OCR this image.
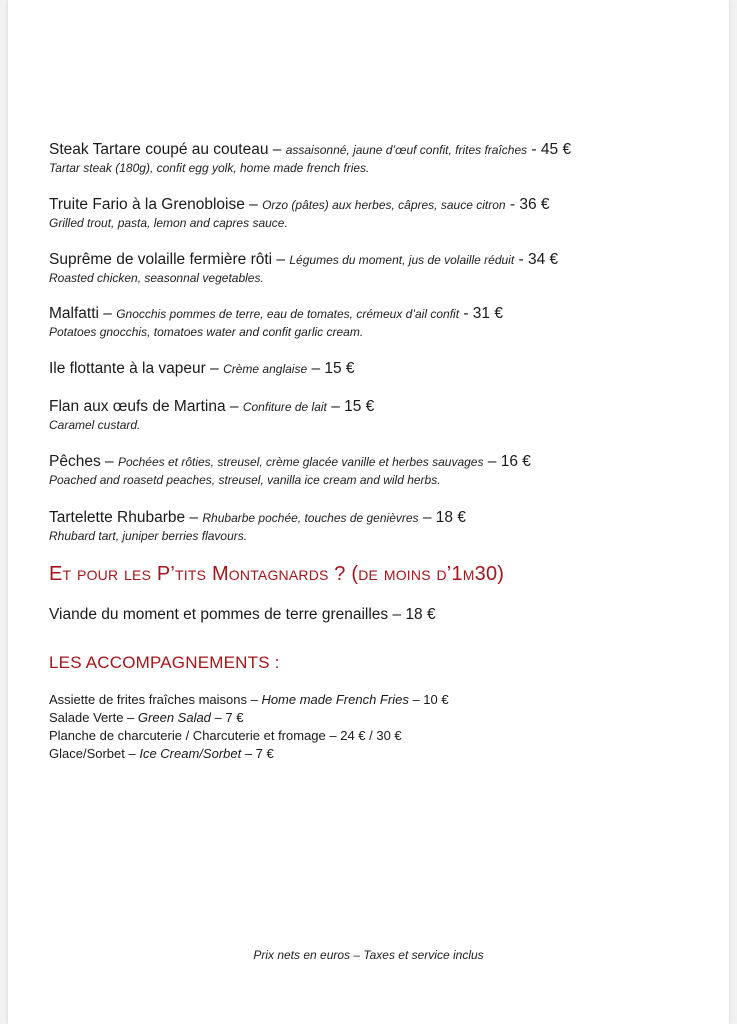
Steak Tartare coupé au couteau – assaisonné, jaune d’œuf confit, frites fraîches - 45 €
Tartar steak (180g), confit egg yolk, home made french fries.
Truite Fario à la Grenobloise – Orzo (pâtes) aux herbes, câpres, sauce citron - 36 €
Grilled trout, pasta, lemon and capres sauce.
Suprême de volaille fermière rôti – Légumes du moment, jus de volaille réduit - 34 €
Roasted chicken, seasonnal vegetables.
Malfatti – Gnocchis pommes de terre, eau de tomates, crémeux d’ail confit - 31 €
Potatoes gnocchis, tomatoes water and confit garlic cream.
Ile flottante à la vapeur – Crème anglaise – 15 €
Flan aux œufs de Martina – Confiture de lait – 15 €
Caramel custard.
Pêches – Pochées et rôties, streusel, crème glacée vanille et herbes sauvages – 16 €
Poached and roasetd peaches, streusel, vanilla ice cream and wild herbs.
Tartelette Rhubarbe – Rhubarbe pochée, touches de genièvres – 18 €
Rhubard tart, juniper berries flavours.
Et pour les P’tits Montagnards ? (de moins d’1m30)
Viande du moment et pommes de terre grenailles – 18 €
LES ACCOMPAGNEMENTS :
Assiette de frites fraîches maisons – Home made French Fries – 10 €
Salade Verte – Green Salad – 7 €
Planche de charcuterie / Charcuterie et fromage – 24 € / 30 €
Glace/Sorbet – Ice Cream/Sorbet – 7 €
Prix nets en euros – Taxes et service inclus
